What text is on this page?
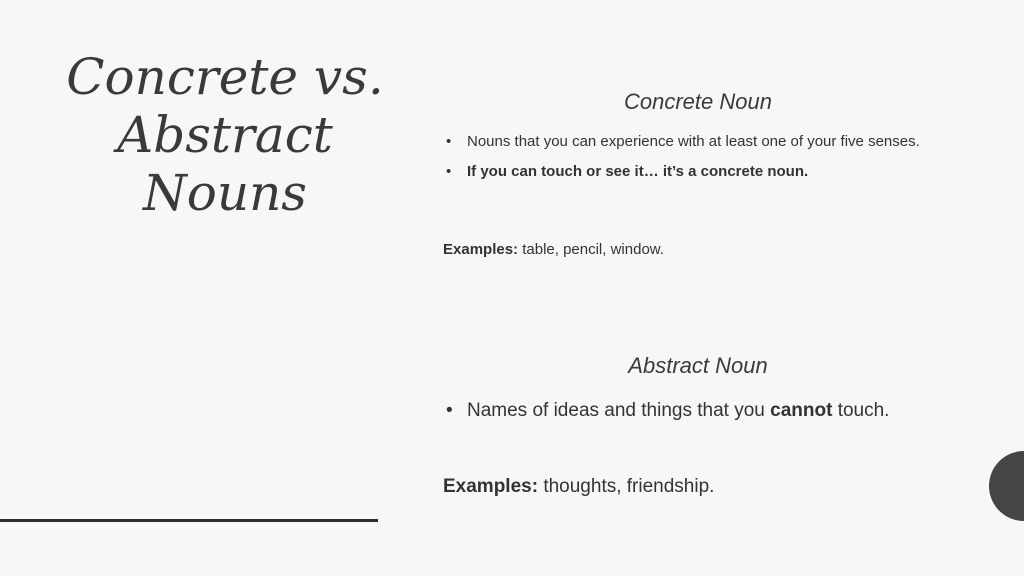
Concrete vs.
Abstract
Nouns
Concrete Noun
• Nouns that you can experience with at least one of your five senses.
• If you can touch or see it… it’s a concrete noun.

Examples: table, pencil, window.

Abstract Noun
• Names of ideas and things that you cannot touch.

Examples: thoughts, friendship.
